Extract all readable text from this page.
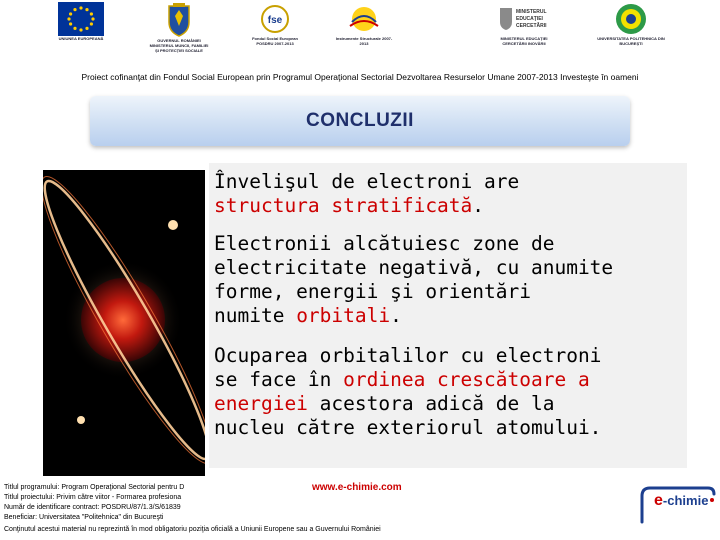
UNIUNEA EUROPEANĂ	GUVERNUL ROMÂNIEI MINISTERUL MUNCII, FAMILIEI ȘI PROTECȚIEI SOCIALE
fse
Fondul Social European POSDRU 2007-2013
Instrumente Structurale 2007-2013
MINISTERUL
EDUCAŢIEI
CERCETĂRII
MINISTERUL EDUCAȚIEI CERCETĂRII INOVĂRII
UNIVERSITATEA POLITEHNICA DIN BUCUREȘTI
Proiect cofinanţat din Fondul Social European prin Programul Operaţional Sectorial Dezvoltarea Resurselor Umane 2007-2013 Investeşte în oameni
CONCLUZII

Învelişul de electroni are

structura stratificată.

Electronii alcătuiesc zone de

electricitate negativă, cu anumite

forme, energii şi orientări

numite orbitali.

Ocuparea orbitalilor cu electroni

se face în ordinea crescătoare a

energiei acestora adică de la

nucleu către exteriorul atomului.

Titlul programului: Program Operaţional Sectorial pentru D
Titlul proiectului: Privim către viitor - Formarea profesiona
Număr de identificare contract: POSDRU/87/1.3/S/61839
Beneficiar: Universitatea "Politehnica" din Bucureşti
Conţinutul acestui material nu reprezintă în mod obligatoriu poziţia oficială a Uniunii Europene sau a Guvernului României
www.e-chimie.com
e-chimie
